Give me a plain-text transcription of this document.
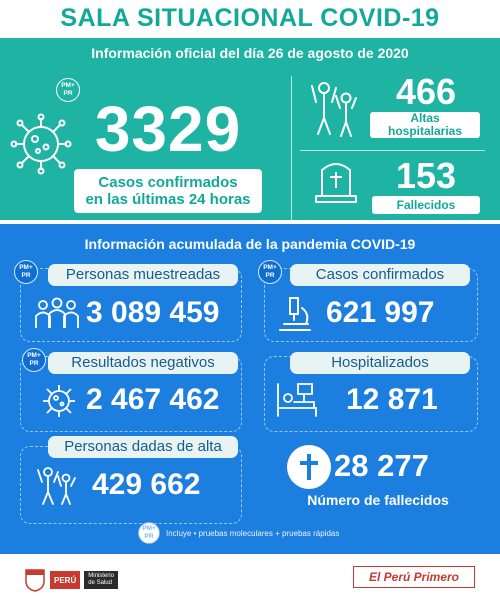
SALA SITUACIONAL COVID-19
Información oficial del día 26 de agosto de 2020
PM+
PR 3329
Casos confirmados
en las últimas 24 horas
466
Altas
hospitalarias
153
Fallecidos
Información acumulada de la pandemia COVID-19
PM+
PR	Personas muestreadas
3 089 459
PM+
PR	Casos confirmados
621 997
PM+
PR	Resultados negativos
2 467 462
Hospitalizados
12 871
Personas dadas de alta
429 662
28 277
Número de fallecidos
PM+
PR Incluye • pruebas moleculares + pruebas rápidas
PERÚ Ministerio
de Salud	El Perú Primero
